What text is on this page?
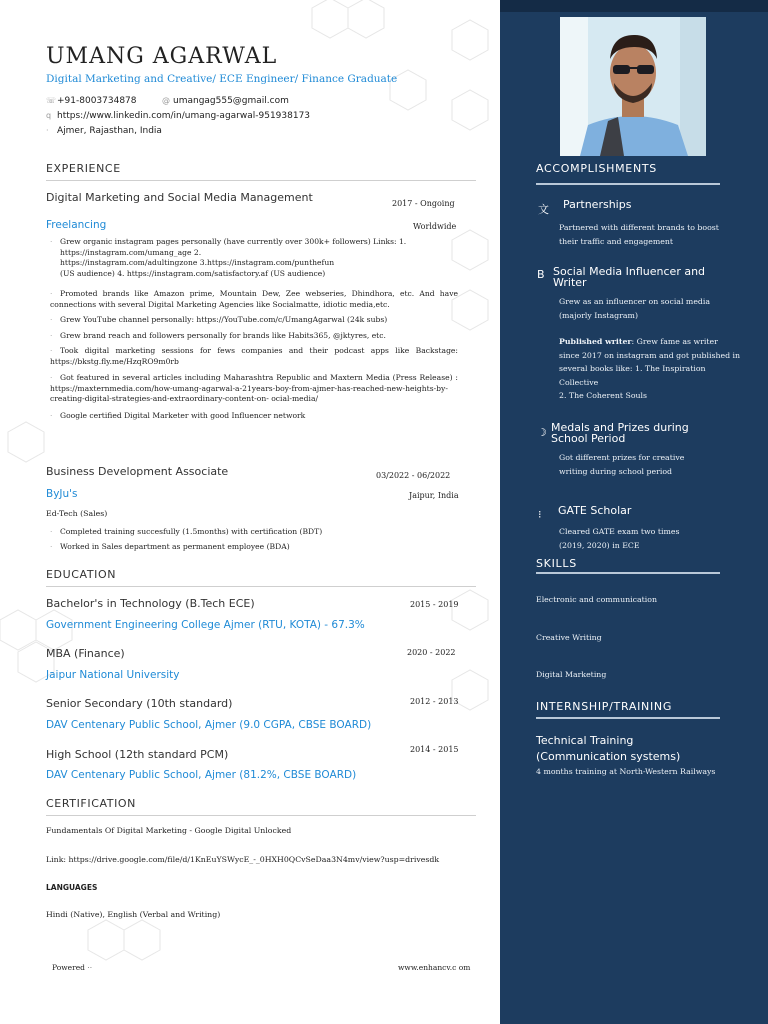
UMANG AGARWAL
Digital Marketing and Creative/ ECE Engineer/ Finance Graduate
☏+91-8003734878	@ umangag555@gmail.com
q https://www.linkedin.com/in/umang-agarwal-951938173
· Ajmer, Rajasthan, India
EXPERIENCE
Digital Marketing and Social Media Management	2017 - Ongoing
Freelancing	Worldwide
· Grew organic instagram pages personally (have currently over 300k+ followers) Links: 1.
https://instagram.com/umang_age 2.
https://instagram.com/adultingzone 3.https://instagram.com/punthefun
(US audience) 4. https://instagram.com/satisfactory.af (US audience)
· Promoted brands like Amazon prime, Mountain Dew, Zee webseries, Dhindhora, etc. And have connections with several Digital Marketing Agencies like Socialmatte, idiotic media,etc.
· Grew YouTube channel personally: https://YouTube.com/c/UmangAgarwal (24k subs)
· Grew brand reach and followers personally for brands like Habits365, @jktyres, etc.
· Took digital marketing sessions for fews companies and their podcast apps like Backstage: https://bkstg.fly.me/HzqRO9m0rb
· Got featured in several articles including Maharashtra Republic and Maxtern Media (Press Release) : https://maxternmedia.com/how-umang-agarwal-a-21years-boy-from-ajmer-has-reached-new-heights-by-creating-digital-strategies-and-extraordinary-content-on- ocial-media/
· Google certified Digital Marketer with good Influencer network
Business Development Associate	03/2022 - 06/2022
ByJu's	Jaipur, India
Ed-Tech (Sales)
· Completed training succesfully (1.5months) with certification (BDT)
· Worked in Sales department as permanent employee (BDA)
EDUCATION
Bachelor's in Technology (B.Tech ECE)	2015 - 2019
Government Engineering College Ajmer (RTU, KOTA) - 67.3%
MBA (Finance)	2020 - 2022
Jaipur National University
Senior Secondary (10th standard)	2012 - 2013
DAV Centenary Public School, Ajmer (9.0 CGPA, CBSE BOARD)
High School (12th standard PCM)	2014 - 2015
DAV Centenary Public School, Ajmer (81.2%, CBSE BOARD)
CERTIFICATION
Fundamentals Of Digital Marketing - Google Digital Unlocked
Link: https://drive.google.com/file/d/1KnEuYSWycE_-_0HXH0QCvSeDaa3N4mv/view?usp=drivesdk
LANGUAGES
Hindi (Native), English (Verbal and Writing)
Powered ··	www.enhancv.c om
ACCOMPLISHMENTS
文 Partnerships
Partnered with different brands to boost
their traffic and engagement
B Social Media Influencer and Writer
Grew as an influencer on social media
(majorly Instagram)
Published writer: Grew fame as writer
since 2017 on instagram and got published in
several books like: 1. The Inspiration
Collective
2. The Coherent Souls
☽ Medals and Prizes during School Period
Got different prizes for creative
writing during school period
⁝ GATE Scholar
Cleared GATE exam two times
(2019, 2020) in ECE
SKILLS
Electronic and communication
Creative Writing
Digital Marketing
INTERNSHIP/TRAINING
Technical Training (Communication systems)
4 months training at North-Western Railways
